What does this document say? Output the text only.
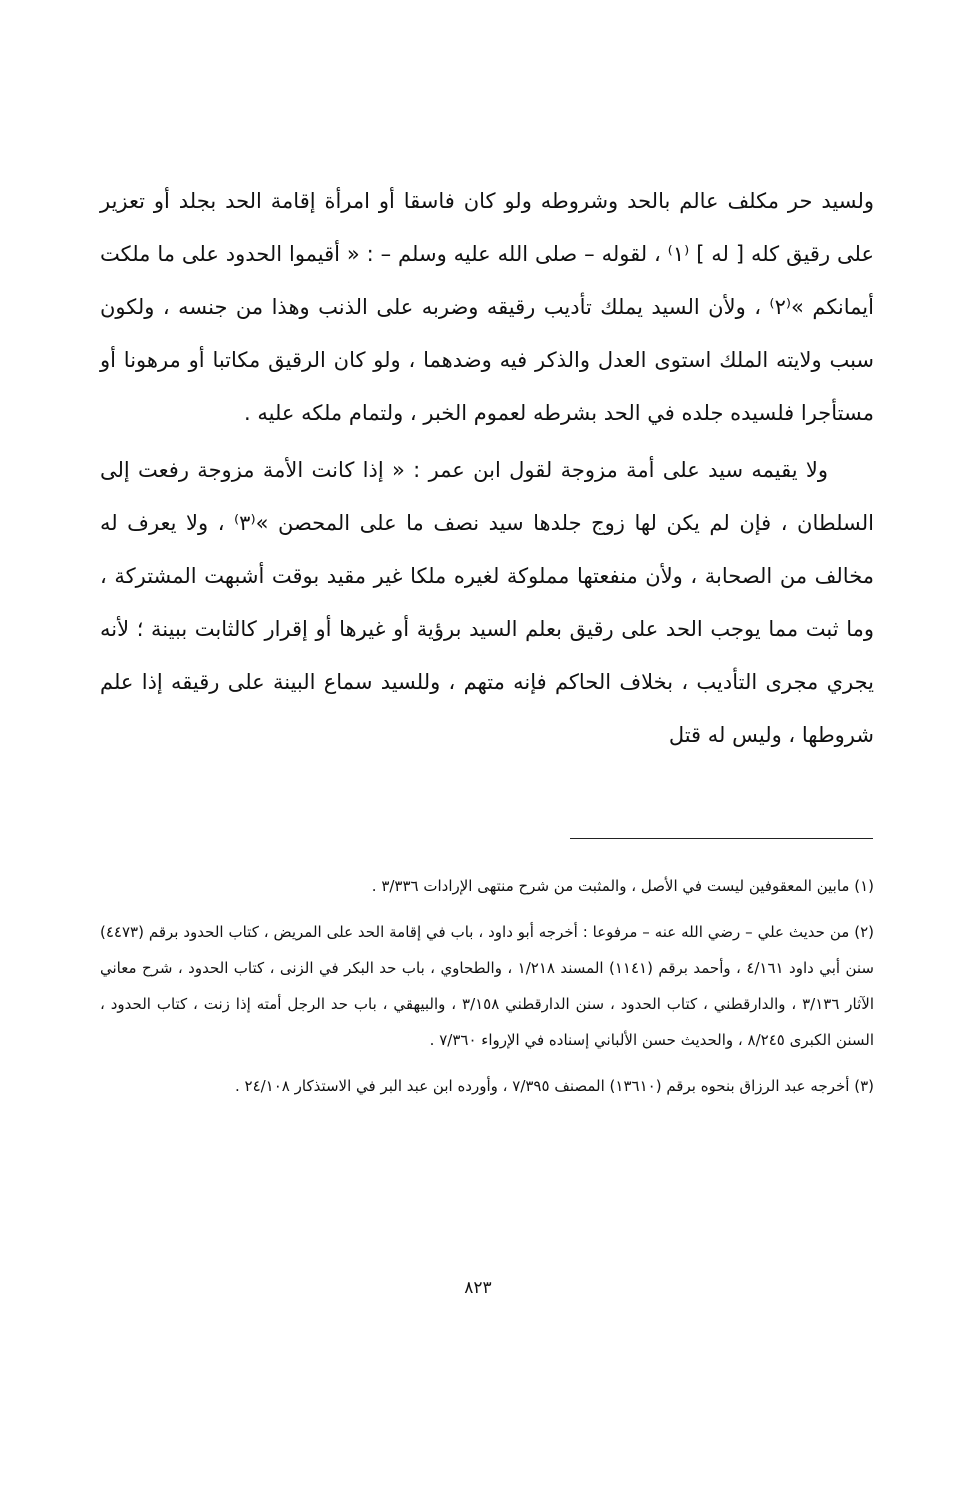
ولسيد حر مكلف عالم بالحد وشروطه ولو كان فاسقا أو امرأة إقامة الحد بجلد أو تعزير على رقيق كله [ له ] ⁽١⁾ ، لقوله – صلى الله عليه وسلم – : « أقيموا الحدود على ما ملكت أيمانكم »⁽٢⁾ ، ولأن السيد يملك تأديب رقيقه وضربه على الذنب وهذا من جنسه ، ولكون سبب ولايته الملك استوى العدل والذكر فيه وضدهما ، ولو كان الرقيق مكاتبا أو مرهونا أو مستأجرا فلسيده جلده في الحد بشرطه لعموم الخبر ، ولتمام ملكه عليه .

ولا يقيمه سيد على أمة مزوجة لقول ابن عمر : « إذا كانت الأمة مزوجة رفعت إلى السلطان ، فإن لم يكن لها زوج جلدها سيد نصف ما على المحصن »⁽٣⁾ ، ولا يعرف له مخالف من الصحابة ، ولأن منفعتها مملوكة لغيره ملكا غير مقيد بوقت أشبهت المشتركة ، وما ثبت مما يوجب الحد على رقيق بعلم السيد برؤية أو غيرها أو إقرار كالثابت ببينة ؛ لأنه يجري مجرى التأديب ، بخلاف الحاكم فإنه متهم ، وللسيد سماع البينة على رقيقه إذا علم شروطها ، وليس له قتل

(١) مابين المعقوفين ليست في الأصل ، والمثبت من شرح منتهى الإرادات ٣/٣٣٦ .

(٢) من حديث علي – رضي الله عنه – مرفوعا : أخرجه أبو داود ، باب في إقامة الحد على المريض ، كتاب الحدود برقم (٤٤٧٣) سنن أبي داود ٤/١٦١ ، وأحمد برقم (١١٤١) المسند ١/٢١٨ ، والطحاوي ، باب حد البكر في الزنى ، كتاب الحدود ، شرح معاني الآثار ٣/١٣٦ ، والدارقطني ، كتاب الحدود ، سنن الدارقطني ٣/١٥٨ ، والبيهقي ، باب حد الرجل أمته إذا زنت ، كتاب الحدود ، السنن الكبرى ٨/٢٤٥ ، والحديث حسن الألباني إسناده في الإرواء ٧/٣٦٠ .

(٣) أخرجه عبد الرزاق بنحوه برقم (١٣٦١٠) المصنف ٧/٣٩٥ ، وأورده ابن عبد البر في الاستذكار ٢٤/١٠٨ .

٨٢٣
